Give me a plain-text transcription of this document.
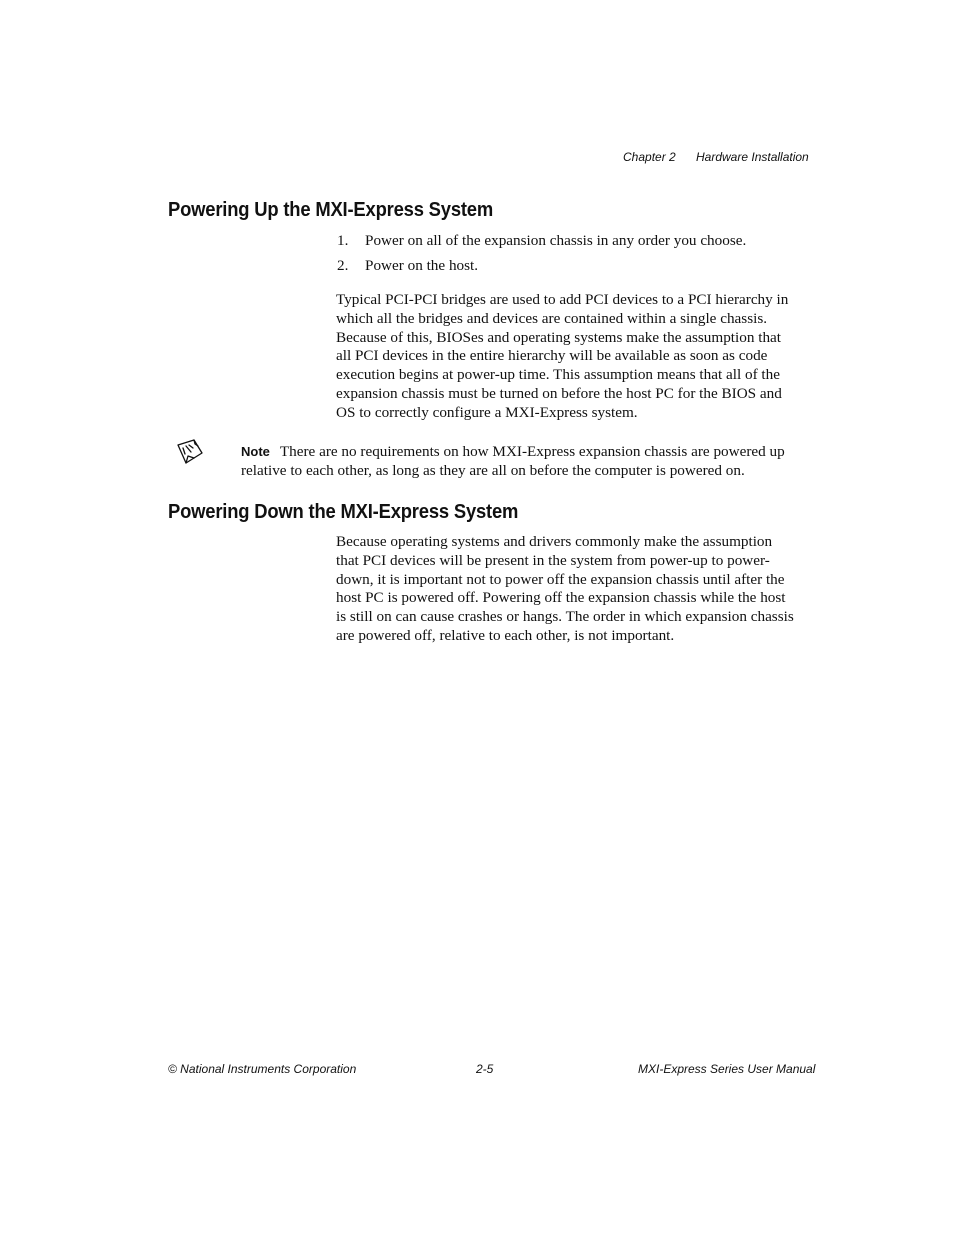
Chapter 2 Hardware Installation
Powering Up the MXI-Express System
1.	Power on all of the expansion chassis in any order you choose.
2.	Power on the host.

Typical PCI-PCI bridges are used to add PCI devices to a PCI hierarchy in which all the bridges and devices are contained within a single chassis. Because of this, BIOSes and operating systems make the assumption that all PCI devices in the entire hierarchy will be available as soon as code execution begins at power-up time. This assumption means that all of the expansion chassis must be turned on before the host PC for the BIOS and OS to correctly configure a MXI-Express system.

Note There are no requirements on how MXI-Express expansion chassis are powered up relative to each other, as long as they are all on before the computer is powered on.

Powering Down the MXI-Express System

Because operating systems and drivers commonly make the assumption that PCI devices will be present in the system from power-up to power-down, it is important not to power off the expansion chassis until after the host PC is powered off. Powering off the expansion chassis while the host is still on can cause crashes or hangs. The order in which expansion chassis are powered off, relative to each other, is not important.

© National Instruments Corporation	2-5	MXI-Express Series User Manual
